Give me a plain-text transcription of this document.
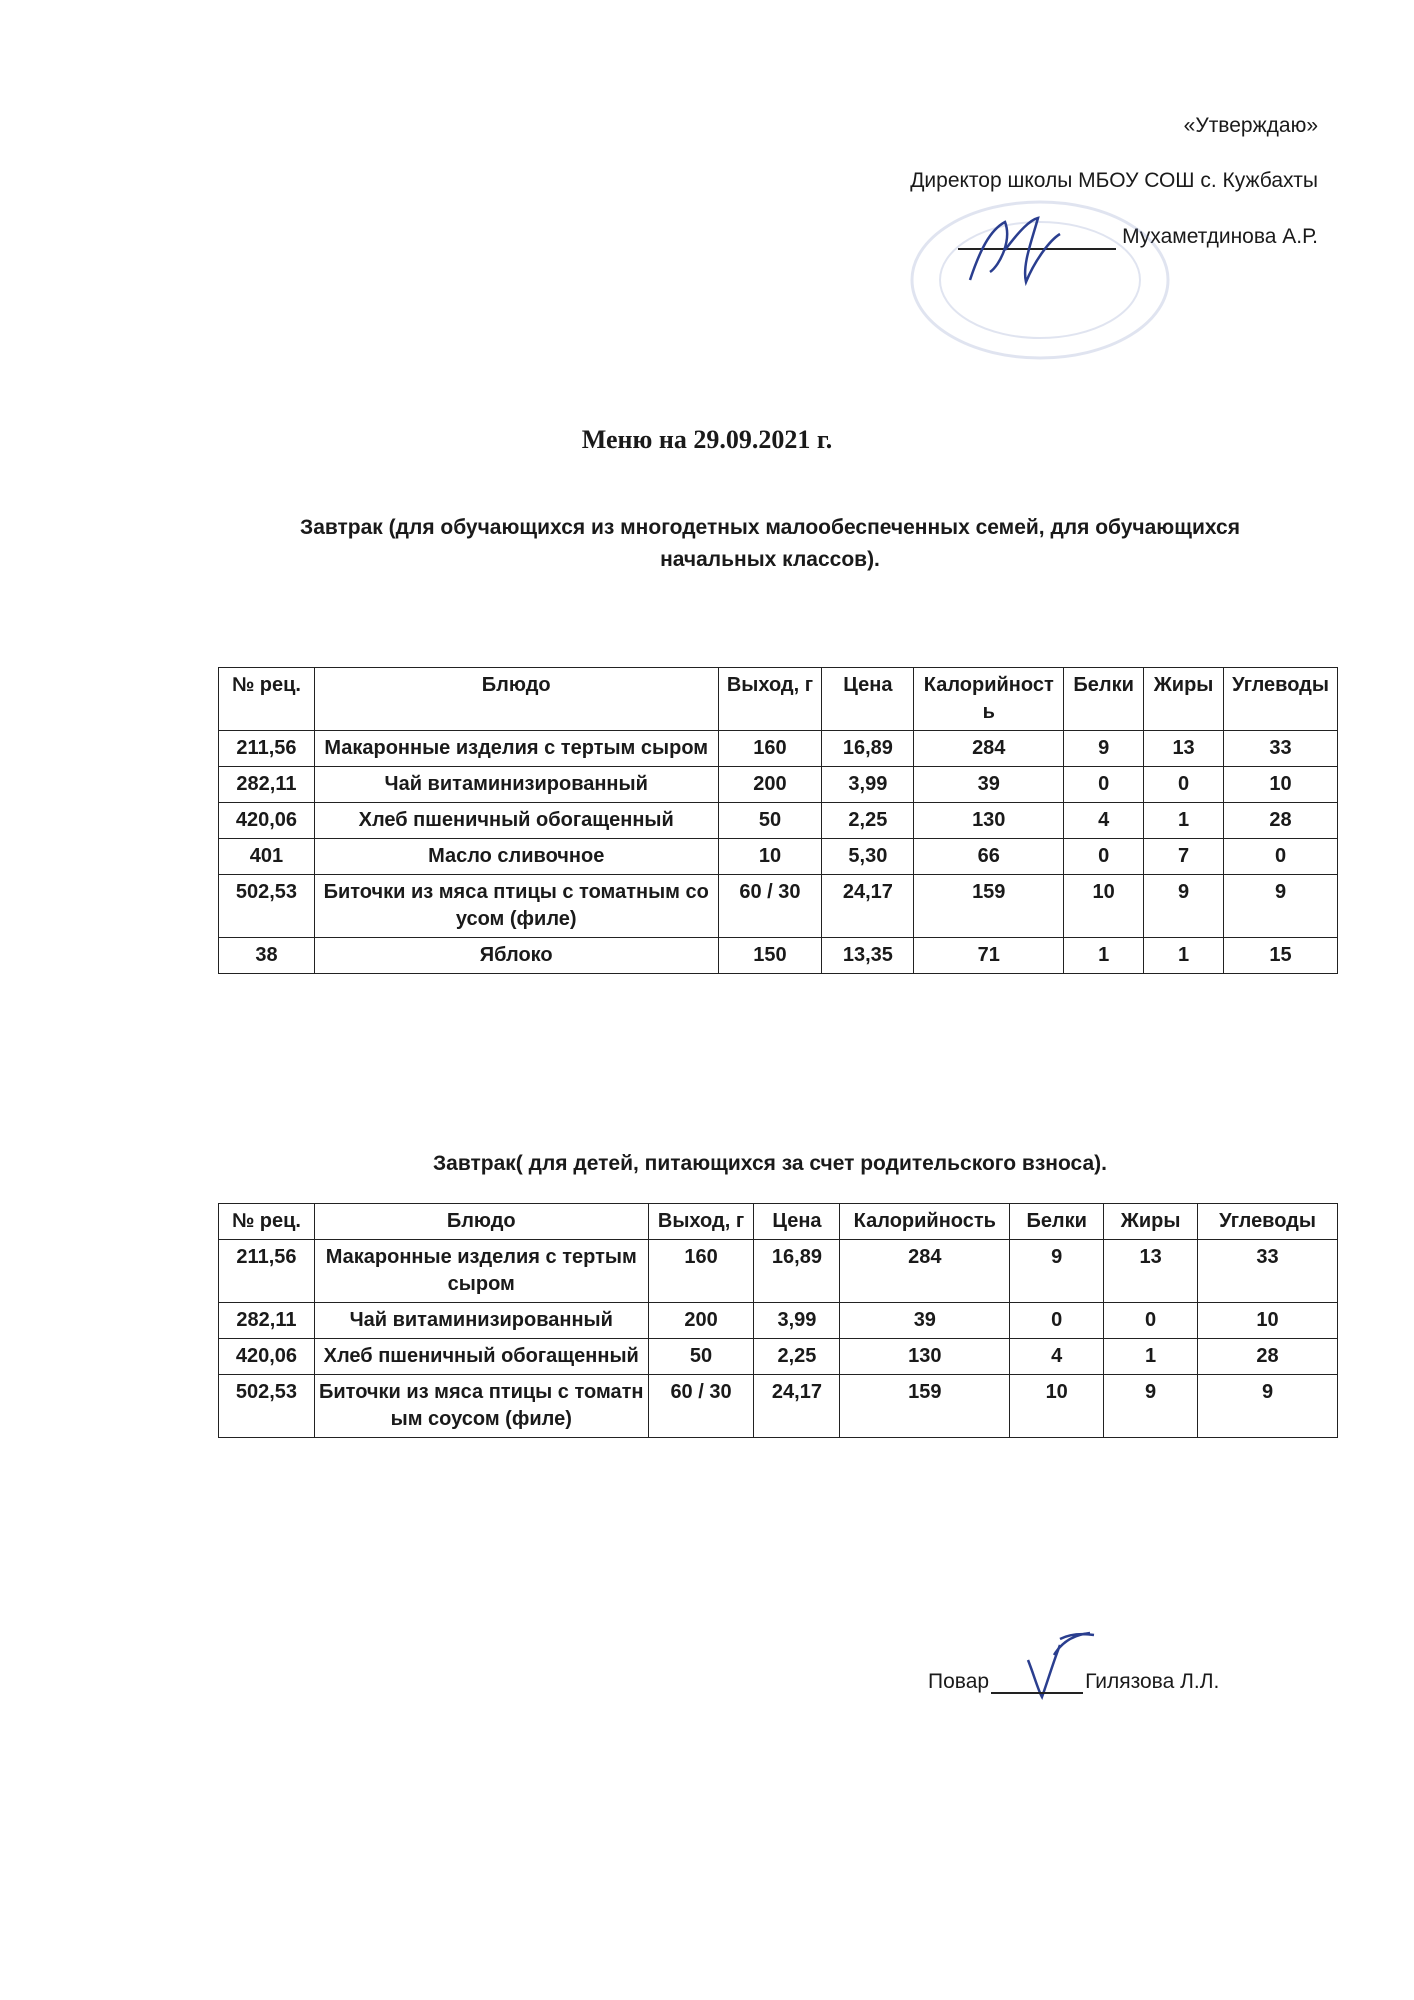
«Утверждаю»
Директор школы МБОУ СОШ с. Кужбахты
Мухаметдинова А.Р.
Меню на 29.09.2021 г.
Завтрак (для обучающихся из многодетных малообеспеченных семей, для обучающихся
начальных классов).
№ рец.	Блюдо	Выход, г	Цена	Калорийность	Белки	Жиры	Углеводы
211,56	Макаронные изделия с тертым сыром	160	16,89	284	9	13	33
282,11	Чай витаминизированный	200	3,99	39	0	0	10
420,06	Хлеб пшеничный обогащенный	50	2,25	130	4	1	28
401	Масло сливочное	10	5,30	66	0	7	0
502,53	Биточки из мяса птицы с томатным соусом (филе)	60 / 30	24,17	159	10	9	9
38	Яблоко	150	13,35	71	1	1	15
Завтрак( для детей, питающихся за счет родительского взноса).
№ рец.	Блюдо	Выход, г	Цена	Калорийность	Белки	Жиры	Углеводы
211,56	Макаронные изделия с тертым сыром	160	16,89	284	9	13	33
282,11	Чай витаминизированный	200	3,99	39	0	0	10
420,06	Хлеб пшеничный обогащенный	50	2,25	130	4	1	28
502,53	Биточки из мяса птицы с томатным соусом (филе)	60 / 30	24,17	159	10	9	9
Повар	Гилязова Л.Л.
